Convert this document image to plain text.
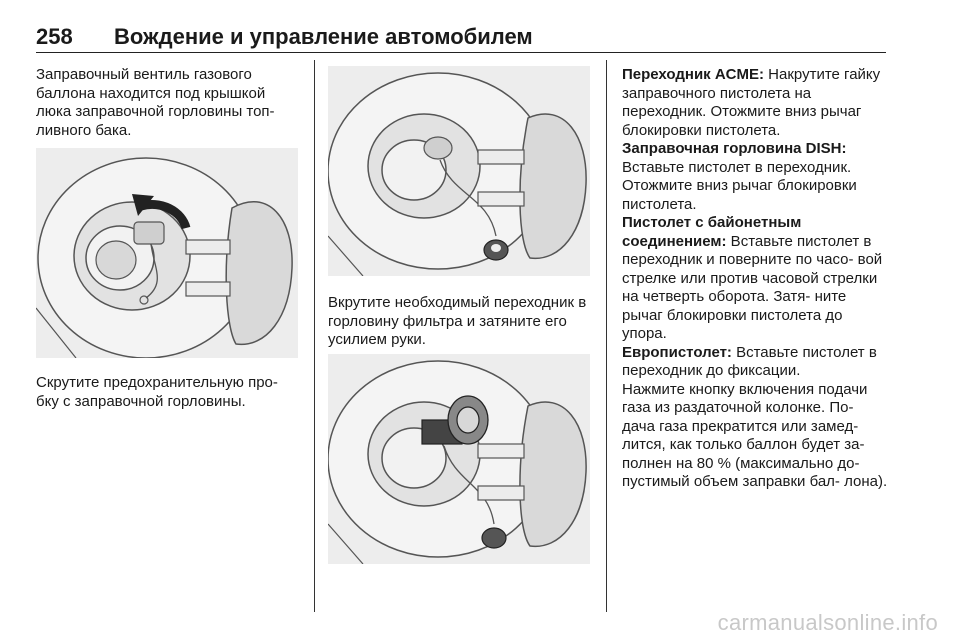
258 Вождение и управление автомобилем
Заправочный вентиль газового баллона находится под крышкой люка заправочной горловины топ- ливного бака.
Скрутите предохранительную про- бку с заправочной горловины.
Вкрутите необходимый переходник в горловину фильтра и затяните его усилием руки.

Переходник ACME: Накрутите гайку заправочного пистолета на переходник. Отожмите вниз рычаг блокировки пистолета.

Заправочная горловина DISH: Вставьте пистолет в переходник. Отожмите вниз рычаг блокировки пистолета.

Пистолет с байонетным соединением: Вставьте пистолет в переходник и поверните по часо- вой стрелке или против часовой стрелки на четверть оборота. Затя- ните рычаг блокировки пистолета до упора.

Европистолет: Вставьте пистолет в переходник до фиксации.

Нажмите кнопку включения подачи газа из раздаточной колонке. По- дача газа прекратится или замед- лится, как только баллон будет за- полнен на 80 % (максимально до- пустимый объем заправки бал- лона).

carmanualsonline.info
